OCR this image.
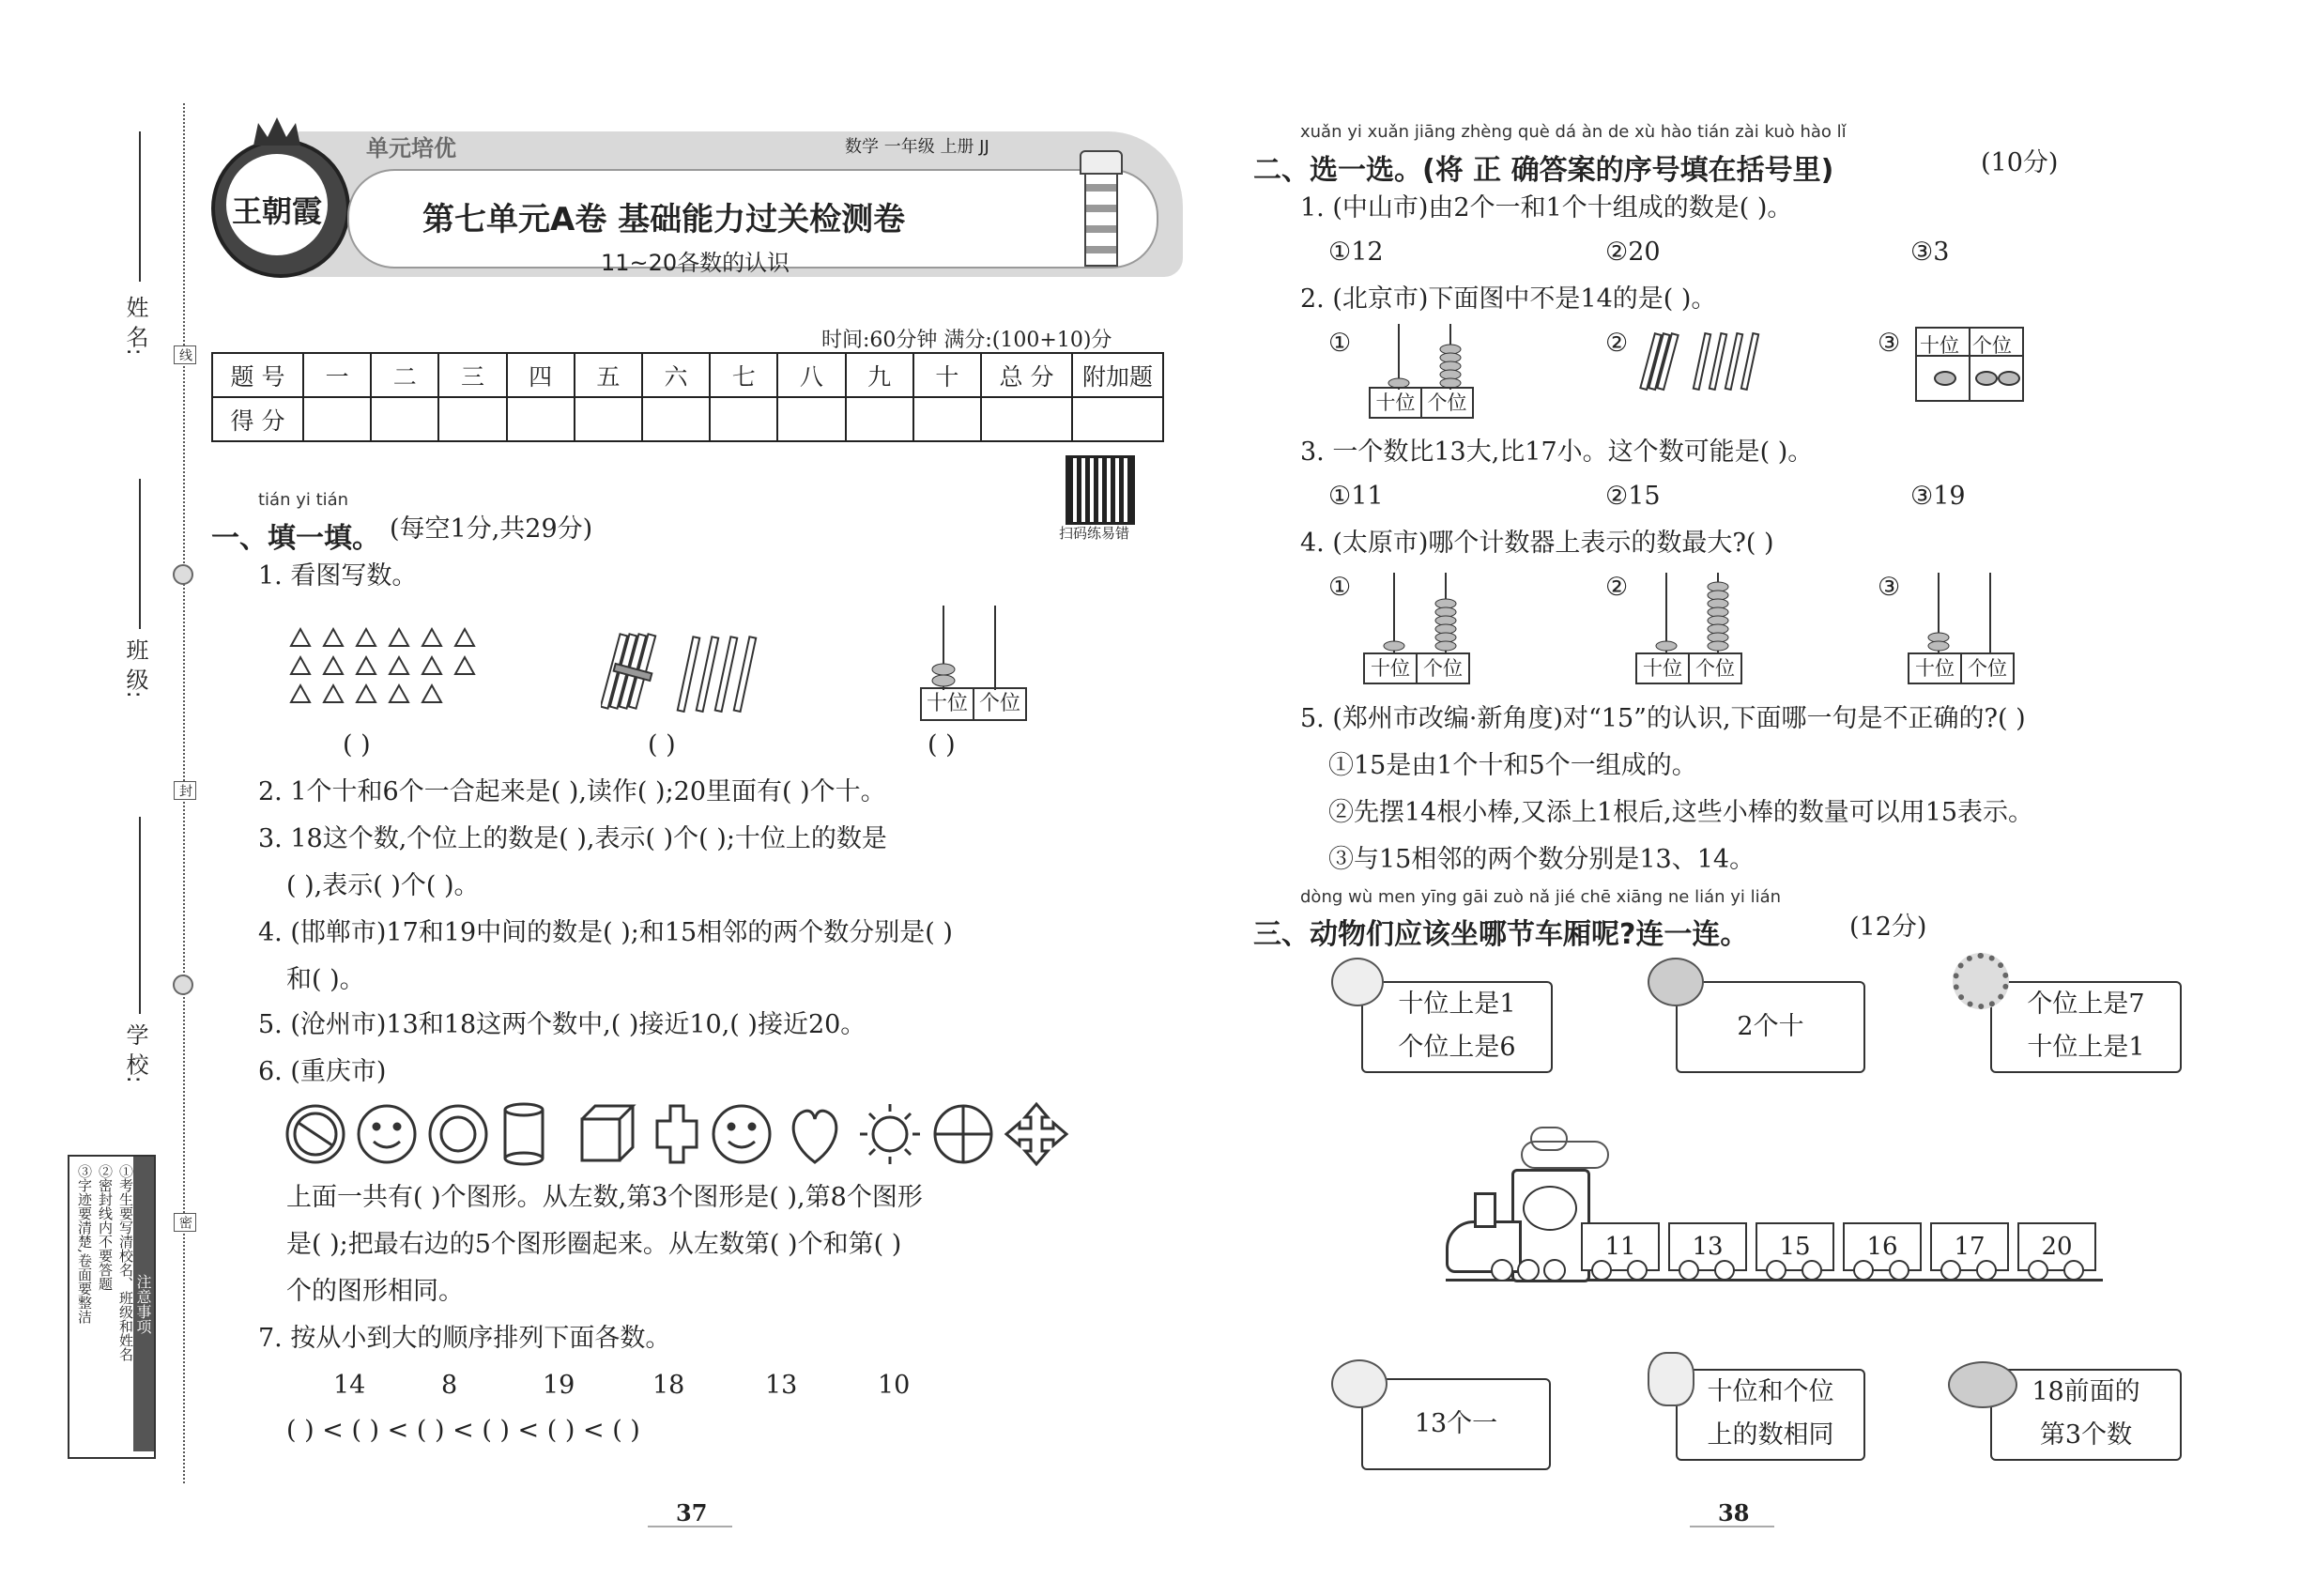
姓 名:
班 级:
学 校:
线
封
密
注意事项
①考生要写清校名、班级和姓名
②密封线内不要答题
③字迹要清楚,卷面要整洁
王朝霞
单元培优	数学 一年级 上册 JJ
第七单元A卷 基础能力过关检测卷
11~20各数的认识
时间:60分钟 满分:(100+10)分
题 号	一	二	三	四	五	六	七	八	九	十	总 分	附加题
得 分												
扫码练易错
tián yi tián
一、填一填。 (每空1分,共29分)
1. 看图写数。
十位 个位
( )	( )	( )
2. 1个十和6个一合起来是( ),读作( );20里面有( )个十。
3. 18这个数,个位上的数是( ),表示( )个( );十位上的数是
( ),表示( )个( )。
4. (邯郸市)17和19中间的数是( );和15相邻的两个数分别是( )
和( )。
5. (沧州市)13和18这两个数中,( )接近10,( )接近20。
6. (重庆市)
上面一共有( )个图形。从左数,第3个图形是( ),第8个图形
是( );把最右边的5个图形圈起来。从左数第( )个和第( )
个的图形相同。
7. 按从小到大的顺序排列下面各数。
14	8	19	18	13	10
( ) < ( ) < ( ) < ( ) < ( ) < ( )
37
xuǎn yi xuǎn jiāng zhèng què dá àn de xù hào tián zài kuò hào lǐ
二、选一选。(将 正 确答案的序号填在括号里)	(10分)
1. (中山市)由2个一和1个十组成的数是( )。
①12	②20	③3
2. (北京市)下面图中不是14的是( )。
①
十位 个位
②	③ 十位 个位
3. 一个数比13大,比17小。这个数可能是( )。
①11	②15	③19
4. (太原市)哪个计数器上表示的数最大?( )
①
十位 个位
②
十位 个位
③
十位 个位
5. (郑州市改编·新角度)对“15”的认识,下面哪一句是不正确的?( )
①15是由1个十和5个一组成的。
②先摆14根小棒,又添上1根后,这些小棒的数量可以用15表示。
③与15相邻的两个数分别是13、14。
dòng wù men yīng gāi zuò nǎ jié chē xiāng ne lián yi lián
三、动物们应该坐哪节车厢呢?连一连。	(12分)
十位上是1
个位上是6
2个十
个位上是7
十位上是1
11	13	15	16	17	20
13个一
十位和个位
上的数相同
18前面的
第3个数
38
